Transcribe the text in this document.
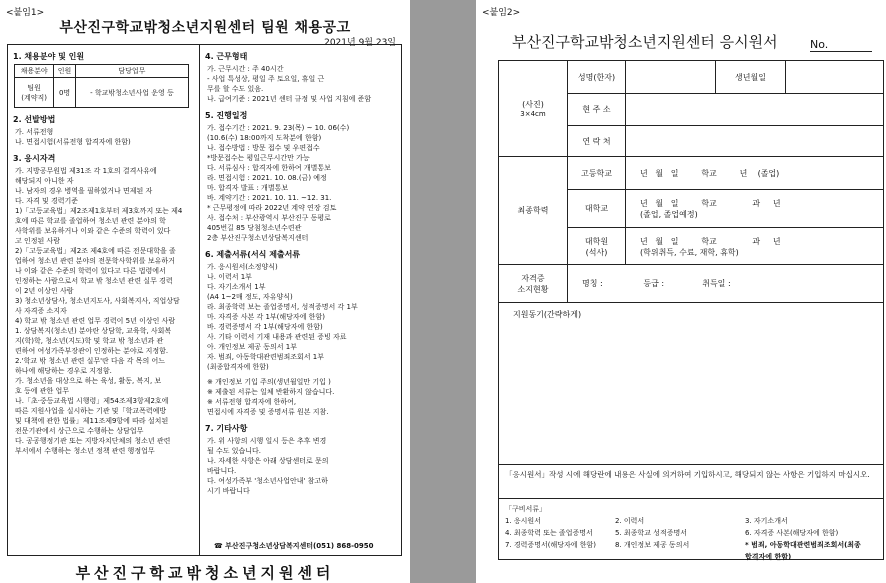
<붙임1>
부산진구학교밖청소년지원센터 팀원 채용공고
2021년 9월 23일
1. 채용분야 및 인원
채용분야	인원	담당업무
팀원
(계약직)	0명	- 학교밖청소년사업 운영 등
2. 선발방법
가. 서류전형
나. 면접시험(서류전형 합격자에 한함)
3. 응시자격
가. 지방공무원법 제31조 각 1호의 결격사유에
해당되지 아니한 자
나. 남자의 경우 병역을 필하였거나 면제된 자
다. 자격 및 경력기준
1)「고등교육법」제2조제1호부터 제3호까지 또는 제4
호에 따른 학교를 졸업하여 청소년 관련 분야의 학
사학위를 보유하거나 이와 같은 수준의 학력이 있다
고 인정된 사람
2)「고등교육법」제2조 제4호에 따른 전문대학을 졸
업하여 청소년 관련 분야의 전문학사학위를 보유하거
나 이와 같은 수준의 학력이 있다고 다른 법령에서
인정하는 사람으로서 학교 밖 청소년 관련 실무 경력
이 2년 이상인 사람
3) 청소년상담사, 청소년지도사, 사회복지사, 직업상담
사 자격증 소지자
4) 학교 밖 청소년 관련 업무 경력이 5년 이상인 사람
1. 상담복지(청소년) 분야란 상담학, 교육학, 사회복
지(학)학, 청소년(지도)학 및 학교 밖 청소년과 관
련하여 여성가족부장관이 인정하는 분야로 지정함.
2.'학교 밖 청소년 관련 실무'란 다음 각 목의 어느
하나에 해당하는 경우로 지정함.
가. 청소년을 대상으로 하는 육성, 활동, 복지, 보
호 등에 관한 업무
나.「초·중등교육법 시행령」제54조제3항제2호에
따른 지원사업을 실시하는 기관 및「학교폭력예방
및 대책에 관한 법률」제11조제9항에 따라 설치된
전문기관에서 상근으로 수행하는 상담업무
다. 공공행정기관 또는 지방자치단체의 청소년 관련
부서에서 수행하는 청소년 정책 관련 행정업무
4. 근무형태
가. 근무시간 : 주 40시간
- 사업 특성상, 평일 주 토요일, 휴일 근
무를 할 수도 있음.
나. 급여기준 : 2021년 센터 규정 및 사업 지침에 준함
5. 진행일정
가. 접수기간 : 2021. 9. 23(목) ~ 10. 06(수)
(10.6(수) 18:00까지 도착분에 한함)
나. 접수방법 : 방문 접수 및 우편접수
*방문접수는 평일근무시간만 가능
다. 서류심사 : 합격자에 한하여 개별통보
라. 면접시험 : 2021. 10. 08.(금) 예정
마. 합격자 발표 : 개별통보
바. 계약기간 : 2021. 10. 11. ~12. 31.
* 근무평정에 따라 2022년 계약 연장 검토
사. 접수처 : 부산광역시 부산진구 동평로
405번길 85 당첨청소년수련관
2층 부산진구청소년상담복지센터
6. 제출서류(서식 제출서류
가. 응시원서(소정양식)
나. 이력서 1부
다. 자기소개서 1부
(A4 1~2매 정도, 자유양식)
라. 최종학력 보는 졸업증명서, 성적증명서 각 1부
마. 자격증 사본 각 1부(해당자에 한함)
바. 경력증명서 각 1부(해당자에 한함)
사. 기타 이력서 기재 내용과 관련된 증빙 자료
아. 개인정보 제공 동의서 1부
자. 범죄, 아동학대관련범죄조회서 1부
(최종합격자에 한함)
※ 개인정보 기입 주의(생년월일만 기입 )
※ 제출된 서류는 일체 반환하지 않습니다.
※ 서류전형 합격자에 한하여,
면접시에 자격증 및 증명서류 원본 지참.
7. 기타사항
가. 위 사항의 시행 일시 등은 추후 변경
될 수도 있습니다.
나. 자세한 사항은 아래 상담센터로 문의
바랍니다.
다. 여성가족부 '청소년사업안내' 참고하
시기 바랍니다
☎ 부산진구청소년상담복지센터(051) 868-0950
부산진구학교밖청소년지원센터
<붙임2>
부산진구학교밖청소년지원센터 응시원서	No.
(사진)
3×4cm
성명(한자)	생년월일
현 주 소
연 락 처
최종학력
고등학교	년   월   일         학교         년    (졸업)
대학교
년   월   일         학교              과     년
(졸업, 졸업예정)
대학원
(석사)
년   월   일         학교              과     년
(학위취득, 수료, 재학, 휴학)
자격증
소지현황
명칭 :                등급 :               취득일 :
지원동기(간략하게)
「응시원서」작성 시에 해당란에 내용은 사실에 의거하여 기입하시고, 해당되지 않는 사항은 기입하지 마십시오.
「구비서류」
1. 응시원서	2. 이력서	3. 자기소개서
4. 최종학력 또는 졸업증명서	5. 최종학교 성적증명서	6. 자격증 사본(해당자에 한함)
7. 경력증명서(해당자에 한함)	8. 개인정보 제공 동의서	* 범죄, 아동학대관련범죄조회서(최종합격자에 한함)
